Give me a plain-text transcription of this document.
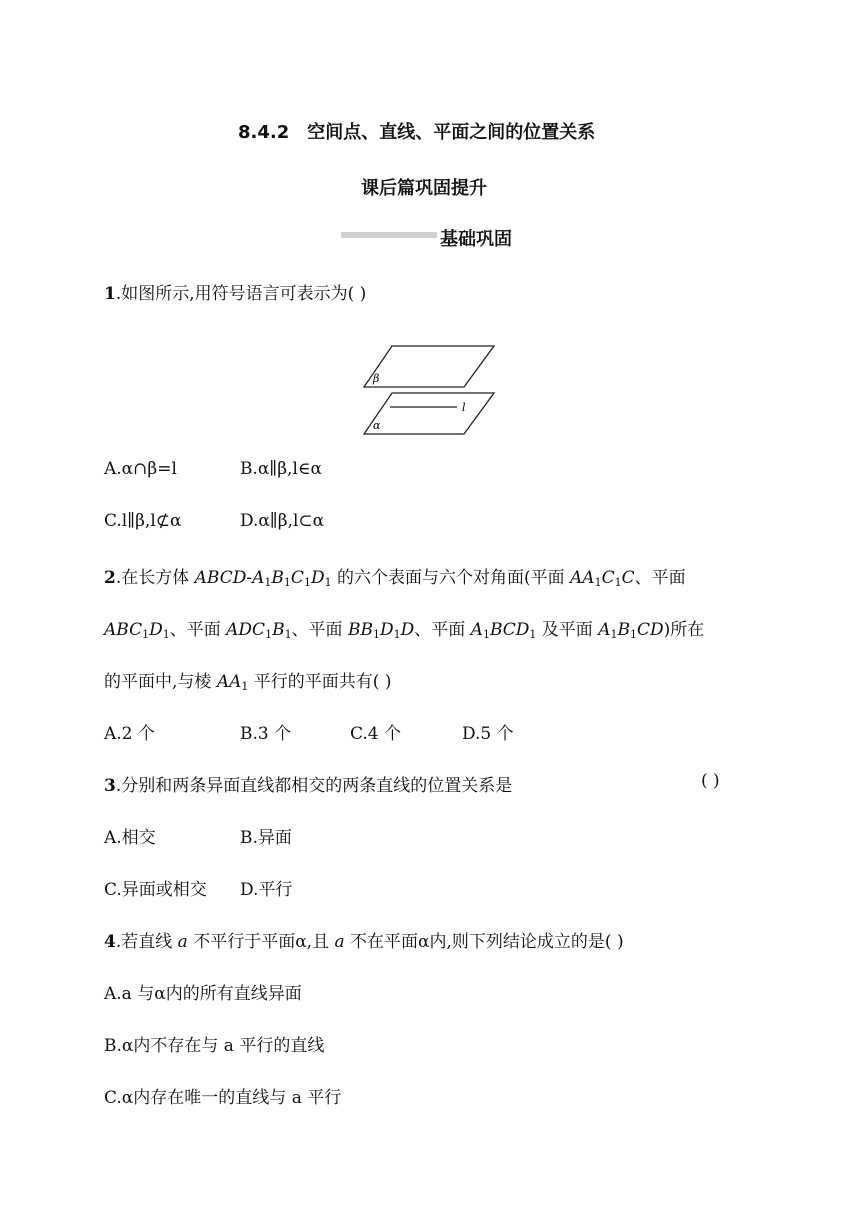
8.4.2 空间点、直线、平面之间的位置关系
课后篇巩固提升
基础巩固
1.如图所示,用符号语言可表示为( )
β
l
α
A.α∩β=l	B.α∥β,l∈α
C.l∥β,l⊄α	D.α∥β,l⊂α
2.在长方体 ABCD-$A_1B_1C_1D_1$ 的六个表面与六个对角面(平面 $AA_1C_1C$、平面
$ABC_1D_1$、平面 $ADC_1B_1$、平面 $BB_1D_1D$、平面 $A_1BCD_1$ 及平面 $A_1B_1CD$)所在
的平面中,与棱 $AA_1$ 平行的平面共有( )
A.2 个	B.3 个	C.4 个	D.5 个
3.分别和两条异面直线都相交的两条直线的位置关系是	( )
A.相交	B.异面
C.异面或相交 D.平行
4.若直线 a 不平行于平面α,且 a 不在平面α内,则下列结论成立的是( )
A.a 与α内的所有直线异面
B.α内不存在与 a 平行的直线
C.α内存在唯一的直线与 a 平行
